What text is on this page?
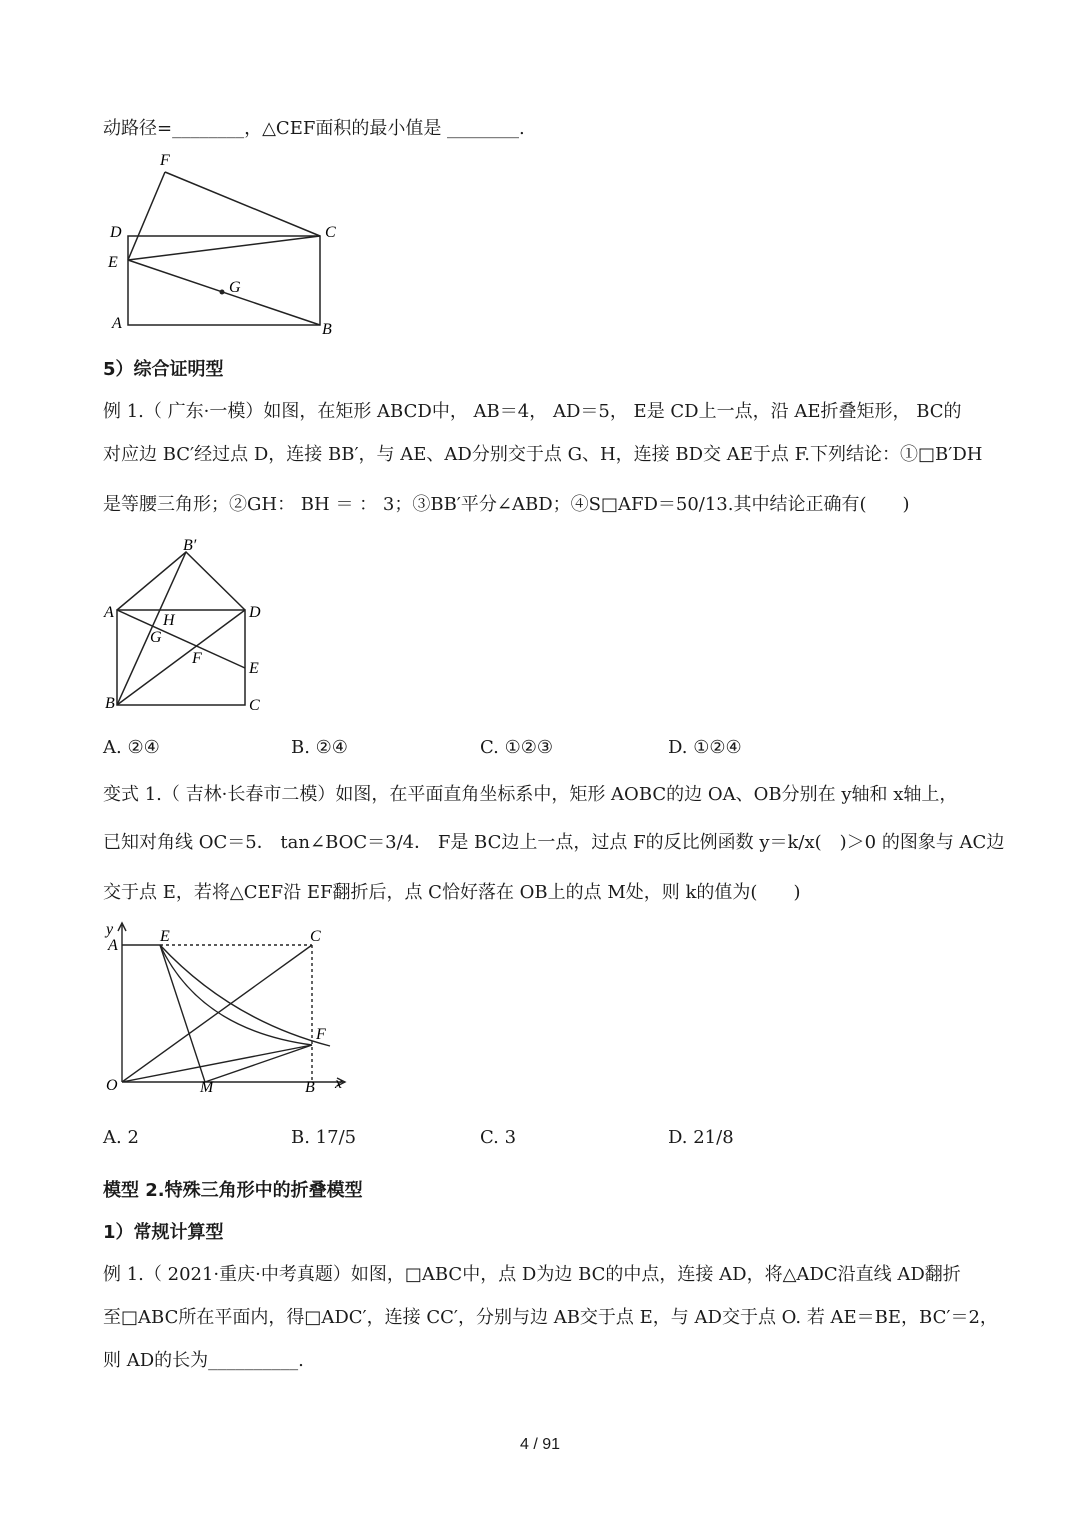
动路径=________，△CEF面积的最小值是 ________.
F
D	C
E
G
A	B
B′
A	D
H
G
F
E
B	C
y
A
E	C
F
O	M	B x
5）综合证明型
例 1.（ 广东·一模）如图，在矩形 ABCD中， AB＝4， AD＝5， E是 CD上一点，沿 AE折叠矩形， BC的
对应边 BC′经过点 D，连接 BB′，与 AE、AD分别交于点 G、H，连接 BD交 AE于点 F.下列结论：①□B′DH
是等腰三角形；②GH： BH ＝ ： 3；③BB′平分∠ABD；④S□AFD＝50/13.其中结论正确有(　　)
A. ②④	B. ②④	C. ①②③	D. ①②④
变式 1.（ 吉林·长春市二模）如图，在平面直角坐标系中，矩形 AOBC的边 OA、OB分别在 y轴和 x轴上，
已知对角线 OC＝5． tan∠BOC＝3/4． F是 BC边上一点，过点 F的反比例函数 y＝k/x(　)＞0 的图象与 AC边
交于点 E，若将△CEF沿 EF翻折后，点 C恰好落在 OB上的点 M处，则 k的值为(　　)
A. 2	B. 17/5	C. 3	D. 21/8
模型 2.特殊三角形中的折叠模型
1）常规计算型
例 1.（ 2021·重庆·中考真题）如图，□ABC中，点 D为边 BC的中点，连接 AD，将△ADC沿直线 AD翻折
至□ABC所在平面内，得□ADC′，连接 CC′，分别与边 AB交于点 E，与 AD交于点 O. 若 AE＝BE，BC′＝2，
则 AD的长为__________.
4 / 91
